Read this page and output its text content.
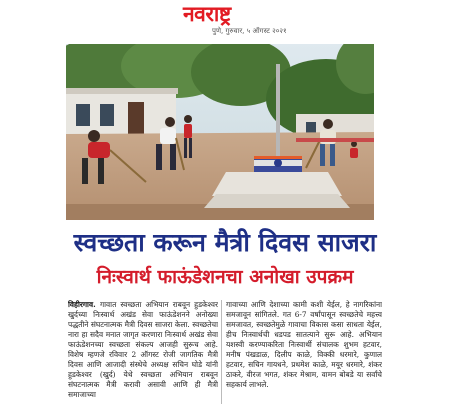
नवराष्ट्र
पुणे, गुरुवार, ५ ऑगस्ट २०२१
स्वच्छता करून मैत्री दिवस साजरा
निःस्वार्थ फाऊंडेशनचा अनोखा उपक्रम
विहीरगाव. गावात स्वच्छता अभियान राबवून हुडकेश्वर खुर्दच्या निःस्वार्थ अखंड सेवा फाऊंडेशनने अनोख्या पद्धतीने संघटनात्मक मैत्री दिवस साजरा केला. स्वच्छतेचा नारा हा सदैव मनात जागृत करणारा निःस्वार्थ अखंड सेवा फाऊंडेशनच्या स्वच्छता संकल्प आजही सुरूच आहे. विशेष म्हणजे रविवार 2 ऑगस्ट रोजी जागतिक मैत्री दिवस आणि आजादी संस्थेचे अध्यक्ष सचिन घोडे यांनी हुडकेश्वर (खुर्द) येथे स्वच्छता अभियान राबवून संघटनात्मक मैत्री करावी असावी आणि ही मैत्री समाजाच्या
गावाच्या आणि देशाच्या कामी कशी येईल, हे नागरिकांना समजावून सांगितले. गत 6-7 वर्षांपासून स्वच्छतेचे महत्त्व समजावत, स्वच्छतेमुळे गावाचा विकास कसा साधता येईल, हीच निःस्वार्थची धडपड सातत्याने सुरू आहे. अभियान यशस्वी करण्याकरिता निःस्वार्थी संचालक शुभम हटवार, मनीष पंखडाळ, दिलीप काळे, विक्की धरमारे, कुणाल हटवार, सचिन गायधने, प्रथमेश काळे, मयूर धरमारे, शंकर ठाकरे, वीरज भगत, शंकर मेश्राम, वामन बोबडे या सर्वांचे सहकार्य लाभले.
